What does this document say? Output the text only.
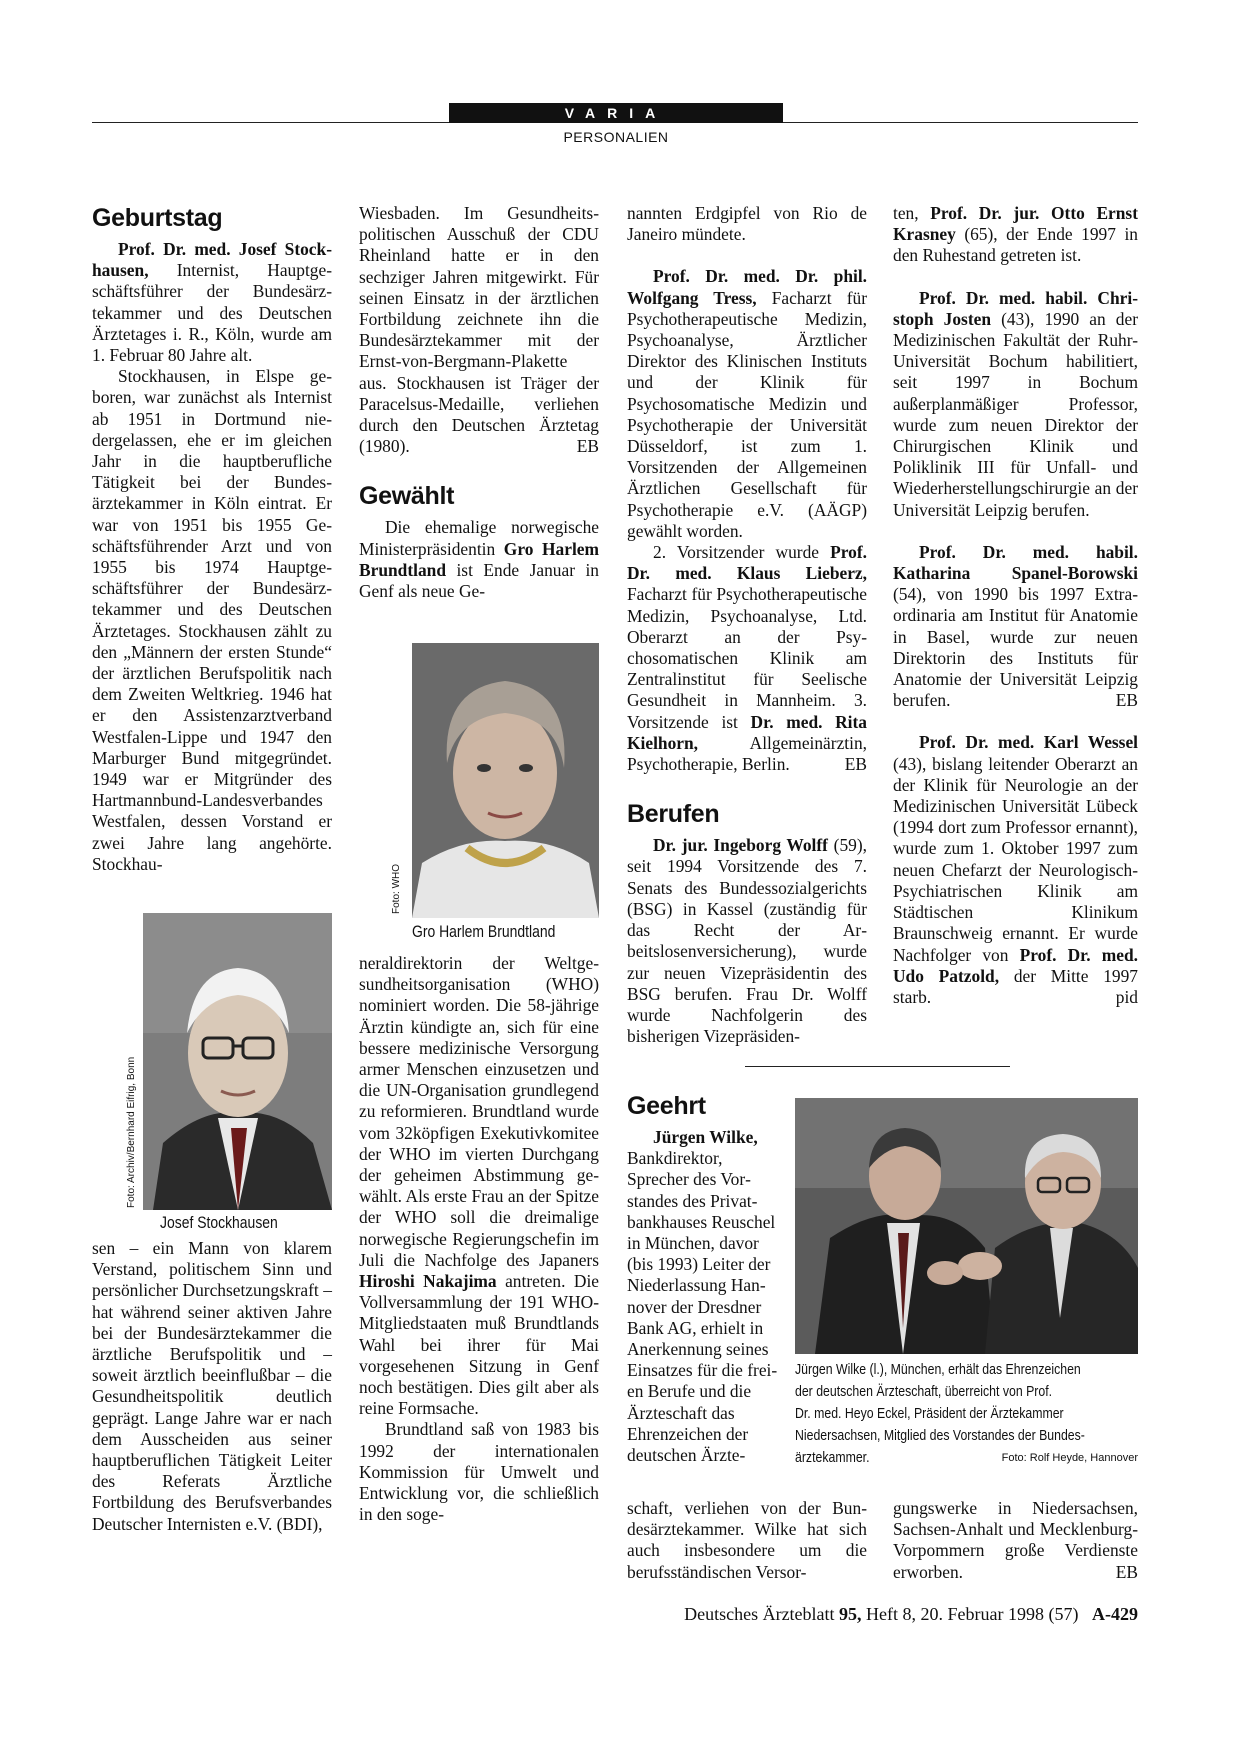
VARIA
PERSONALIEN
Geburtstag

Prof. Dr. med. Josef Stockhausen, Internist, Hauptgeschäftsführer der Bundesärztekammer und des Deutschen Ärztetages i. R., Köln, wurde am 1. Februar 80 Jahre alt.

Stockhausen, in Elspe geboren, war zunächst als Internist ab 1951 in Dortmund niedergelassen, ehe er im gleichen Jahr in die hauptberufliche Tätigkeit bei der Bundesärztekammer in Köln eintrat. Er war von 1951 bis 1955 Geschäftsführender Arzt und von 1955 bis 1974 Hauptgeschäftsführer der Bundesärztekammer und des Deutschen Ärztetages. Stockhausen zählt zu den „Männern der ersten Stunde“ der ärztlichen Berufspolitik nach dem Zweiten Weltkrieg. 1946 hat er den Assistenzarztverband Westfalen-Lippe und 1947 den Marburger Bund mitgegründet. 1949 war er Mitgründer des Hartmannbund-Landesverbandes Westfalen, dessen Vorstand er zwei Jahre lang angehörte. Stockhau-

Foto: Archiv/Bernhard Eifrig, Bonn
Josef Stockhausen

sen – ein Mann von klarem Verstand, politischem Sinn und persönlicher Durchsetzungskraft – hat während seiner aktiven Jahre bei der Bundesärztekammer die ärztliche Berufspolitik und – soweit ärztlich beeinflußbar – die Gesundheitspolitik deutlich geprägt. Lange Jahre war er nach dem Ausscheiden aus seiner hauptberuflichen Tätigkeit Leiter des Referats Ärztliche Fortbildung des Berufsverbandes Deutscher Internisten e.V. (BDI),

Wiesbaden. Im Gesundheitspolitischen Ausschuß der CDU Rheinland hatte er in den sechziger Jahren mitgewirkt. Für seinen Einsatz in der ärztlichen Fortbildung zeichnete ihn die Bundesärztekammer mit der Ernst-von-Bergmann-Plakette aus. Stockhausen ist Träger der Paracelsus-Medaille, verliehen durch den Deutschen Ärztetag (1980).	EB

Gewählt

Die ehemalige norwegische Ministerpräsidentin Gro Harlem Brundtland ist Ende Januar in Genf als neue Ge-

Foto: WHO
Gro Harlem Brundtland

neraldirektorin der Weltgesundheitsorganisation (WHO) nominiert worden. Die 58-jährige Ärztin kündigte an, sich für eine bessere medizinische Versorgung armer Menschen einzusetzen und die UN-Organisation grundlegend zu reformieren. Brundtland wurde vom 32köpfigen Exekutivkomitee der WHO im vierten Durchgang der geheimen Abstimmung gewählt. Als erste Frau an der Spitze der WHO soll die dreimalige norwegische Regierungschefin im Juli die Nachfolge des Japaners Hiroshi Nakajima antreten. Die Vollversammlung der 191 WHO-Mitgliedstaaten muß Brundtlands Wahl bei ihrer für Mai vorgesehenen Sitzung in Genf noch bestätigen. Dies gilt aber als reine Formsache.

Brundtland saß von 1983 bis 1992 der internationalen Kommission für Umwelt und Entwicklung vor, die schließlich in den soge-

nannten Erdgipfel von Rio de Janeiro mündete.

Prof. Dr. med. Dr. phil. Wolfgang Tress, Facharzt für Psychotherapeutische Medizin, Psychoanalyse, Ärztlicher Direktor des Klinischen Instituts und der Klinik für Psychosomatische Medizin und Psychotherapie der Universität Düsseldorf, ist zum 1. Vorsitzenden der Allgemeinen Ärztlichen Gesellschaft für Psychotherapie e.V. (AÄGP) gewählt worden.

2. Vorsitzender wurde Prof. Dr. med. Klaus Lieberz, Facharzt für Psychotherapeutische Medizin, Psychoanalyse, Ltd. Oberarzt an der Psychosomatischen Klinik am Zentralinstitut für Seelische Gesundheit in Mannheim. 3. Vorsitzende ist Dr. med. Rita Kielhorn, Allgemeinärztin, Psychotherapie, Berlin.	EB

Berufen

Dr. jur. Ingeborg Wolff (59), seit 1994 Vorsitzende des 7. Senats des Bundessozialgerichts (BSG) in Kassel (zuständig für das Recht der Arbeitslosenversicherung), wurde zur neuen Vizepräsidentin des BSG berufen. Frau Dr. Wolff wurde Nachfolgerin des bisherigen Vizepräsiden-

ten, Prof. Dr. jur. Otto Ernst Krasney (65), der Ende 1997 in den Ruhestand getreten ist.

Prof. Dr. med. habil. Christoph Josten (43), 1990 an der Medizinischen Fakultät der Ruhr-Universität Bochum habilitiert, seit 1997 in Bochum außerplanmäßiger Professor, wurde zum neuen Direktor der Chirurgischen Klinik und Poliklinik III für Unfall- und Wiederherstellungschirurgie an der Universität Leipzig berufen.

Prof. Dr. med. habil. Katharina Spanel-Borowski (54), von 1990 bis 1997 Extraordinaria am Institut für Anatomie in Basel, wurde zur neuen Direktorin des Instituts für Anatomie der Universität Leipzig berufen.	EB

Prof. Dr. med. Karl Wessel (43), bislang leitender Oberarzt an der Klinik für Neurologie an der Medizinischen Universität Lübeck (1994 dort zum Professor ernannt), wurde zum 1. Oktober 1997 zum neuen Chefarzt der Neurologisch-Psychiatrischen Klinik am Städtischen Klinikum Braunschweig ernannt. Er wurde Nachfolger von Prof. Dr. med. Udo Patzold, der Mitte 1997 starb.	pid

Geehrt

Jürgen Wilke, Bankdirektor, Sprecher des Vorstandes des Privatbankhauses Reuschel in München, davor (bis 1993) Leiter der Niederlassung Hannover der Dresdner Bank AG, erhielt in Anerkennung seines Einsatzes für die freien Berufe und die Ärzteschaft das Ehrenzeichen der deutschen Ärzte-

Jürgen Wilke (l.), München, erhält das Ehrenzeichen
der deutschen Ärzteschaft, überreicht von Prof.
Dr. med. Heyo Eckel, Präsident der Ärztekammer
Niedersachsen, Mitglied des Vorstandes der Bundes-
ärztekammer.	Foto: Rolf Heyde, Hannover

schaft, verliehen von der Bundesärztekammer. Wilke hat sich auch insbesondere um die berufsständischen Versor-

gungswerke in Niedersachsen, Sachsen-Anhalt und Mecklenburg-Vorpommern große Verdienste erworben.	EB

Deutsches Ärzteblatt 95, Heft 8, 20. Februar 1998 (57) A-429
